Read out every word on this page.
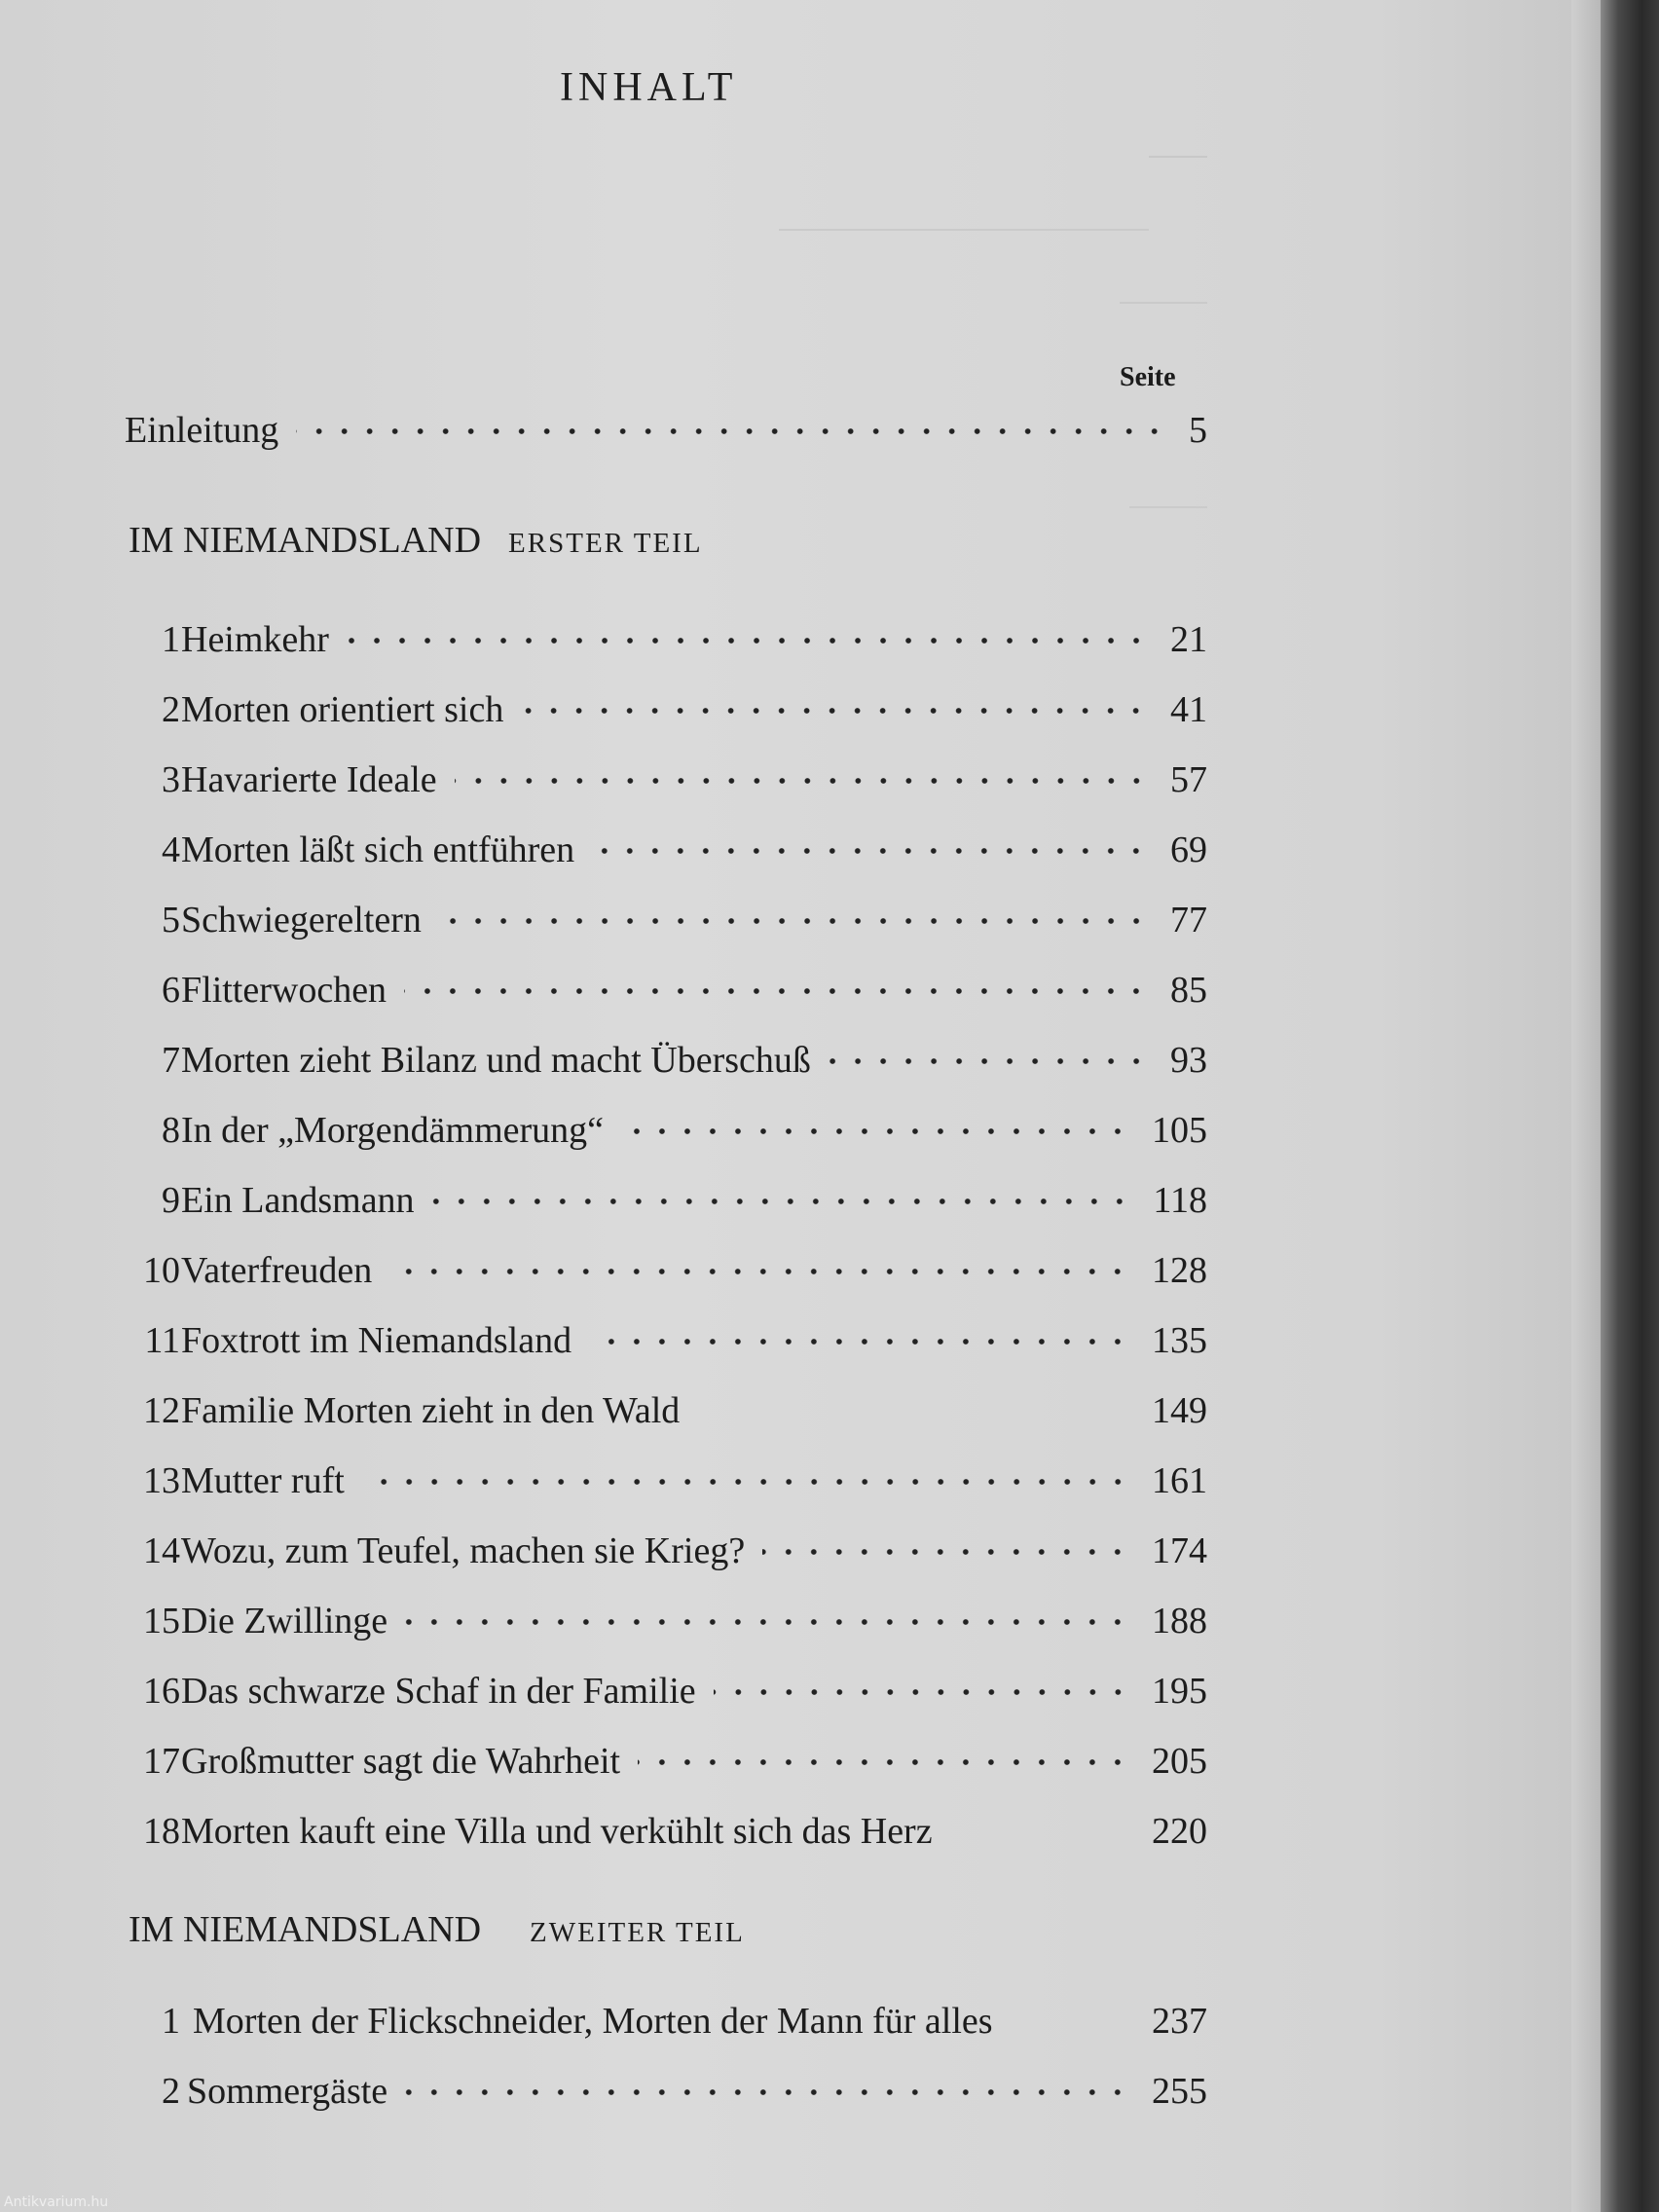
INHALT
Seite
Einleitung	5
IM NIEMANDSLAND ERSTER TEIL
1 Heimkehr	21
2 Morten orientiert sich	41
3 Havarierte Ideale	57
4 Morten läßt sich entführen	69
5 Schwiegereltern	77
6 Flitterwochen	85
7 Morten zieht Bilanz und macht Überschuß	93
8 In der „Morgendämmerung“	105
9 Ein Landsmann	118
10 Vaterfreuden	128
11 Foxtrott im Niemandsland	135
12 Familie Morten zieht in den Wald	149
13 Mutter ruft	161
14 Wozu, zum Teufel, machen sie Krieg?	174
15 Die Zwillinge	188
16 Das schwarze Schaf in der Familie	195
17 Großmutter sagt die Wahrheit	205
18 Morten kauft eine Villa und verkühlt sich das Herz	220
IM NIEMANDSLAND ZWEITER TEIL
1 Morten der Flickschneider, Morten der Mann für alles	237
2 Sommergäste	255
Antikvarium.hu
